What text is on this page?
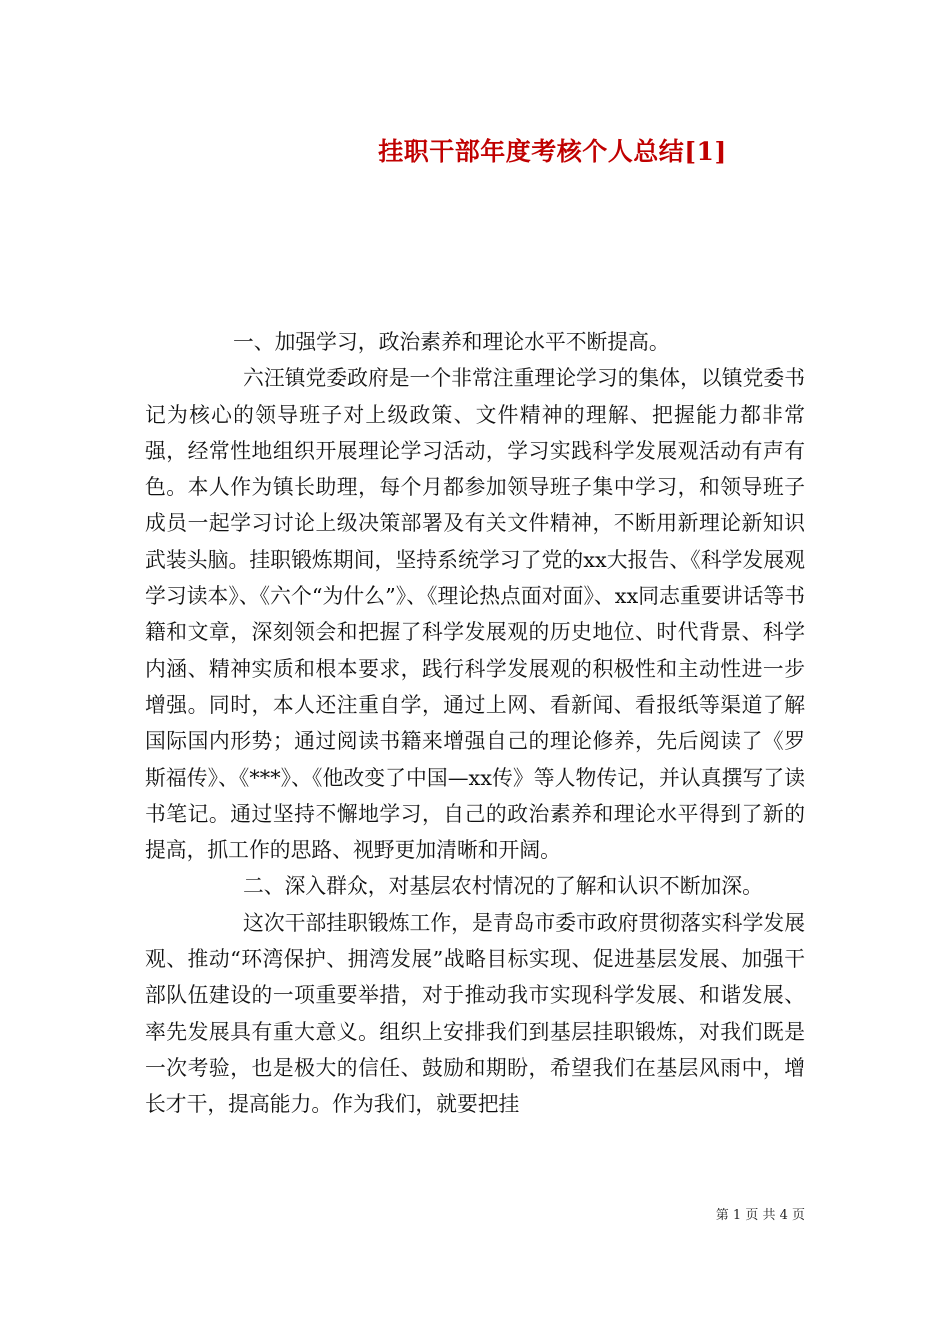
挂职干部年度考核个人总结[1]

一、加强学习，政治素养和理论水平不断提高。

六汪镇党委政府是一个非常注重理论学习的集体，以镇党委书记为核心的领导班子对上级政策、文件精神的理解、把握能力都非常强，经常性地组织开展理论学习活动，学习实践科学发展观活动有声有色。本人作为镇长助理，每个月都参加领导班子集中学习，和领导班子成员一起学习讨论上级决策部署及有关文件精神，不断用新理论新知识武装头脑。挂职锻炼期间，坚持系统学习了党的xx大报告、《科学发展观学习读本》、《六个“为什么”》、《理论热点面对面》、xx同志重要讲话等书籍和文章，深刻领会和把握了科学发展观的历史地位、时代背景、科学内涵、精神实质和根本要求，践行科学发展观的积极性和主动性进一步增强。同时，本人还注重自学，通过上网、看新闻、看报纸等渠道了解国际国内形势；通过阅读书籍来增强自己的理论修养，先后阅读了《罗斯福传》、《***》、《他改变了中国—xx传》等人物传记，并认真撰写了读书笔记。通过坚持不懈地学习，自己的政治素养和理论水平得到了新的提高，抓工作的思路、视野更加清晰和开阔。

二、深入群众，对基层农村情况的了解和认识不断加深。

这次干部挂职锻炼工作，是青岛市委市政府贯彻落实科学发展观、推动“环湾保护、拥湾发展”战略目标实现、促进基层发展、加强干部队伍建设的一项重要举措，对于推动我市实现科学发展、和谐发展、率先发展具有重大意义。组织上安排我们到基层挂职锻炼，对我们既是一次考验，也是极大的信任、鼓励和期盼，希望我们在基层风雨中，增长才干，提高能力。作为我们，就要把挂

第 1 页 共 4 页
